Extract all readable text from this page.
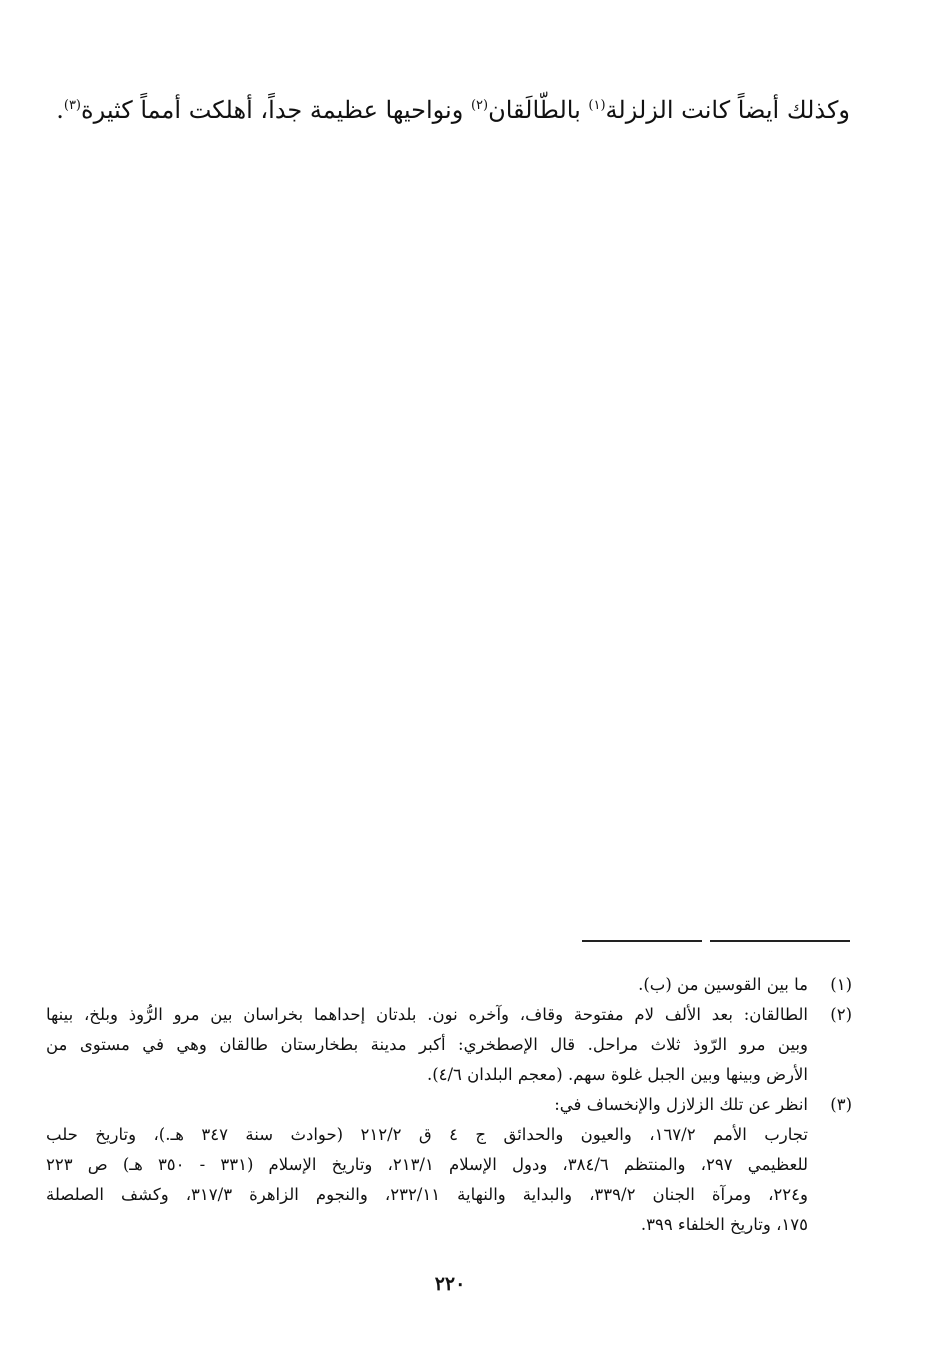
وكذلك أيضاً كانت الزلزلة$^{(١)}$ بالطّالَقان$^{(٢)}$ ونواحيها عظيمة جداً، أهلكت أمماً كثيرة$^{(٣)}$.

(١)
ما بين القوسين من (ب).
(٢)
الطالقان: بعد الألف لام مفتوحة وقاف، وآخره نون. بلدتان إحداهما بخراسان بين مرو الرُّوذ وبلخ، بينها
وبين مرو الرّوذ ثلاث مراحل. قال الإصطخري: أكبر مدينة بطخارستان طالقان وهي في مستوى من
الأرض وبينها وبين الجبل غلوة سهم. (معجم البلدان ٤/٦).
(٣)
انظر عن تلك الزلازل والإنخساف في:
تجارب الأمم ١٦٧/٢، والعيون والحدائق ج ٤ ق ٢١٢/٢ (حوادث سنة ٣٤٧ هـ.)، وتاريخ حلب
للعظيمي ٢٩٧، والمنتظم ٣٨٤/٦، ودول الإسلام ٢١٣/١، وتاريخ الإسلام (٣٣١ - ٣٥٠ هـ) ص ٢٢٣
و٢٢٤، ومرآة الجنان ٣٣٩/٢، والبداية والنهاية ٢٣٢/١١، والنجوم الزاهرة ٣١٧/٣، وكشف الصلصلة
١٧٥، وتاريخ الخلفاء ٣٩٩.
٢٢٠
